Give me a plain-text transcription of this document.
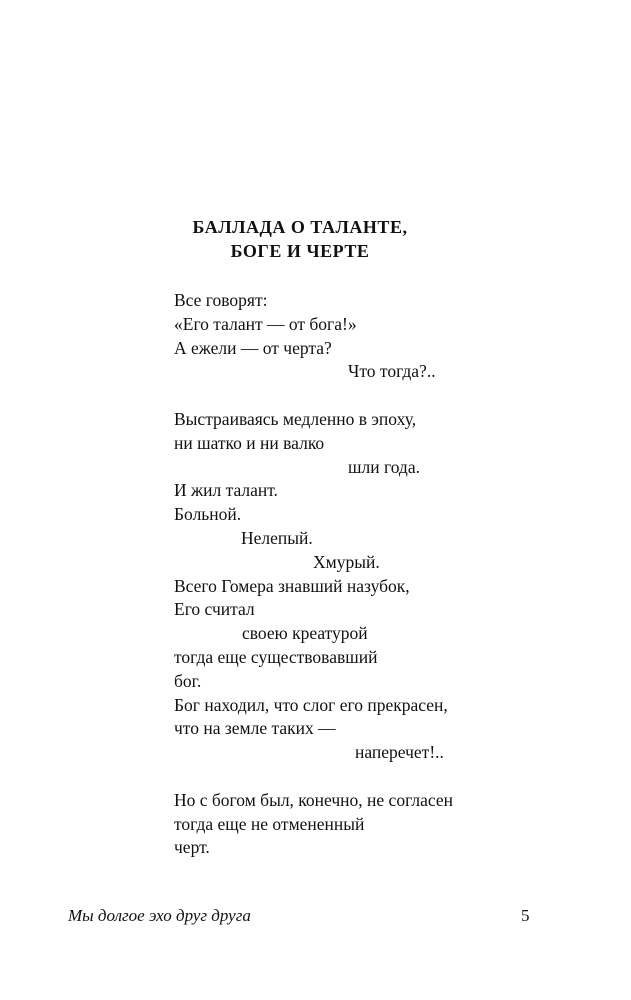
БАЛЛАДА О ТАЛАНТЕ,
БОГЕ И ЧЕРТЕ
Все говорят:
«Его талант — от бога!»
А ежели — от черта?
Что тогда?..
Выстраиваясь медленно в эпоху,
ни шатко и ни валко
шли года.
И жил талант.
Больной.
Нелепый.
Хмурый.
Всего Гомера знавший назубок,
Его считал
своею креатурой
тогда еще существовавший
бог.
Бог находил, что слог его прекрасен,
что на земле таких —
наперечет!..
Но с богом был, конечно, не согласен
тогда еще не отмененный
черт.
Мы долгое эхо друг друга	5
